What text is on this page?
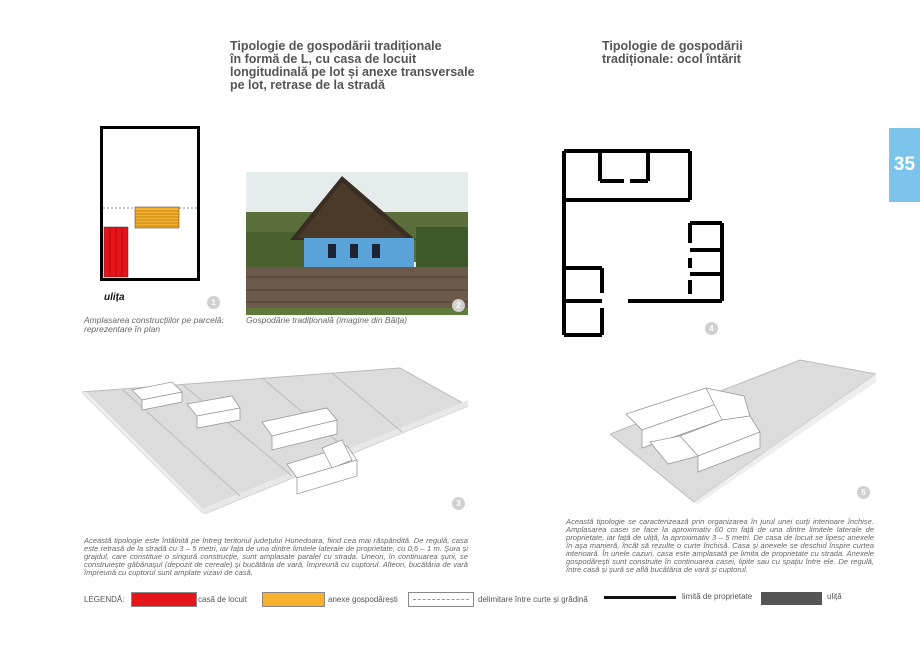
Tipologie de gospodării tradiționale
în formă de L, cu casa de locuit
longitudinală pe lot și anexe transversale
pe lot, retrase de la stradă
Tipologie de gospodării
tradiționale: ocol întărit
35
ulița	1
Amplasarea construcțiilor pe parcelă:
reprezentare în plan
2
Gospodărie tradițională (imagine din Băița)
4
3
5
Această tipologie este întâlnită pe întreg teritoriul județului Hunedoara, fiind cea mai răspândită. De regulă, casa este retrasă de la stradă cu 3 – 5 metri, iar fața de una dintre limitele laterale de proprietate, cu 0,6 – 1 m. Șura și grajdul, care constituie o singură construcție, sunt amplasate paralel cu strada. Uneori, în continuarea șurii, se construiește găbănașul (depozit de cereale) și bucătăria de vară, împreună cu cuptorul. Alteori, bucătăria de vară împreună cu cuptorul sunt amplate vizavi de casă.
Această tipologie se caracterizează prin organizarea în jurul unei curți interioare închise. Amplasarea casei se face la aproximativ 60 cm față de una dintre limitele laterale de proprietate, iar față de uliță, la aproximativ 3 – 5 metri. De casa de locuit se lipesc anexele în așa manieră, încât să rezulte o curte închisă. Casa și anexele se deschid înspre curtea interioară. În unele cazuri, casa este amplasată pe limita de proprietate cu strada. Anexele gospodărești sunt construite în continuarea casei, lipite sau cu spațiu între ele. De regulă, între casă și șură se află bucătăria de vară și cuptorul.
LEGENDĂ:	casă de locuit	anexe gospodărești	delimitare între curte și grădină	limită de proprietate	uliță
